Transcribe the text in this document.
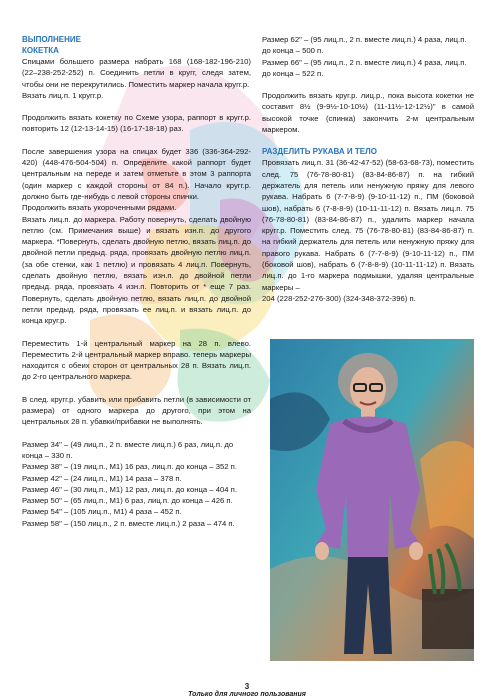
ВЫПОЛНЕНИЕ
КОКЕТКА

Спицами большего размера набрать 168 (168-182-196-210) (22–238-252-252) п. Соединить петли в кругг, следя затем, чтобы они не перекрутились. Поместить маркер начала кругг.р.

Вязать лиц.п. 1 кругг.р.

Продолжить вязать кокетку по Схеме узора, раппорт в кругг.р. повторить 12 (12-13-14-15) (16-17-18-18) раз.

После завершения узора на спицах будет 336 (336-364-292-420) (448-476-504-504) п. Определите какой раппорт будет центральным на переде и затем отметьте в этом 3 раппорта (один маркер с каждой стороны от 84 п.). Начало кругг.р. должно быть где-нибудь с левой стороны спинки.

Продолжить вязать укороченными рядами.

Вязать лиц.п. до маркера. Работу повернуть, сделать двойную петлю (см. Примечания выше) и вязать изн.п. до другого маркера. *Повернуть, сделать двойную петлю, вязать лиц.п. до двойной петли предыд. ряда, провязать двойную петлю лиц.п. (за обе стенки, как 1 петлю) и провязать 4 лиц.п. Повернуть, сделать двойную петлю, вязать изн.п. до двойной петли предыд. ряда, провязать 4 изн.п. Повторить от * еще 7 раз. Повернуть, сделать двойную петлю, вязать лиц.п. до двойной петли предыд. ряда, провязать ее лиц.п. и вязать лиц.п. до конца круг.р.

Переместить 1-й центральный маркер на 28 п. влево. Переместить 2-й центральный маркер вправо. теперь маркеры находится с обеих сторон от центральных 28 п. Вязать лиц.п. до 2-го центрального маркера.

В след. кругг.р. убавить или прибавить петли (в зависимости от размера) от одного маркера до другого, при этом на центральных 28 п. убавки/прибавки не выполнять.

Размер 34" – (49 лиц.п., 2 п. вместе лиц.п.) 6 раз, лиц.п. до конца – 330 п.
Размер 38" – (19 лиц.п., М1) 16 раз, лиц.п. до конца – 352 п.
Размер 42" – (24 лиц.п., М1) 14 раза – 378 п.
Размер 46" – (30 лиц.п., М1) 12 раз, лиц.п. до конца – 404 п.
Размер 50" – (65 лиц.п., М1) 6 раз, лиц.п. до конца – 426 п.
Размер 54" – (105 лиц.п., М1) 4 раза – 452 п.
Размер 58" – (150 лиц.п., 2 п. вместе лиц.п.) 2 раза – 474 п.
Размер 62" – (95 лиц.п., 2 п. вместе лиц.п.) 4 раза, лиц.п. до конца – 500 п.
Размер 66" – (95 лиц.п., 2 п. вместе лиц.п.) 4 раза, лиц.п. до конца – 522 п.

Продолжить вязать круг.р. лиц.р., пока высота кокетки не составит 8½ (9-9½-10-10½) (11-11½-12-12½)" в самой высокой точке (спинка) закончить 2-м центральным маркером.

РАЗДЕЛИТЬ РУКАВА И ТЕЛО

Провязать лиц.п. 31 (36-42-47-52) (58-63-68-73), поместить след. 75 (76-78-80-81) (83-84-86-87) п. на гибкий держатель для петель или ненужную пряжу для левого рукава. Набрать 6 (7-7-8-9) (9-10-11-12) п., ПМ (боковой шов), набрать 6 (7-8-8-9) (10-11-11-12) п. Вязать лиц.п. 75 (76-78-80-81) (83-84-86-87) п., удалить маркер начала кругг.р. Поместить след. 75 (76-78-80-81) (83-84-86-87) п. на гибкий держатель для петель или ненужную пряжу для правого рукава. Набрать 6 (7-7-8-9) (9-10-11-12) п., ПМ (боковой шов), набрать 6 (7-8-8-9) (10-11-11-12) п. Вязать лиц.п. до 1-го маркера подмышки, удаляя центральные маркеры –

204 (228-252-276-300) (324-348-372-396) п.

3
Только для личного пользования
